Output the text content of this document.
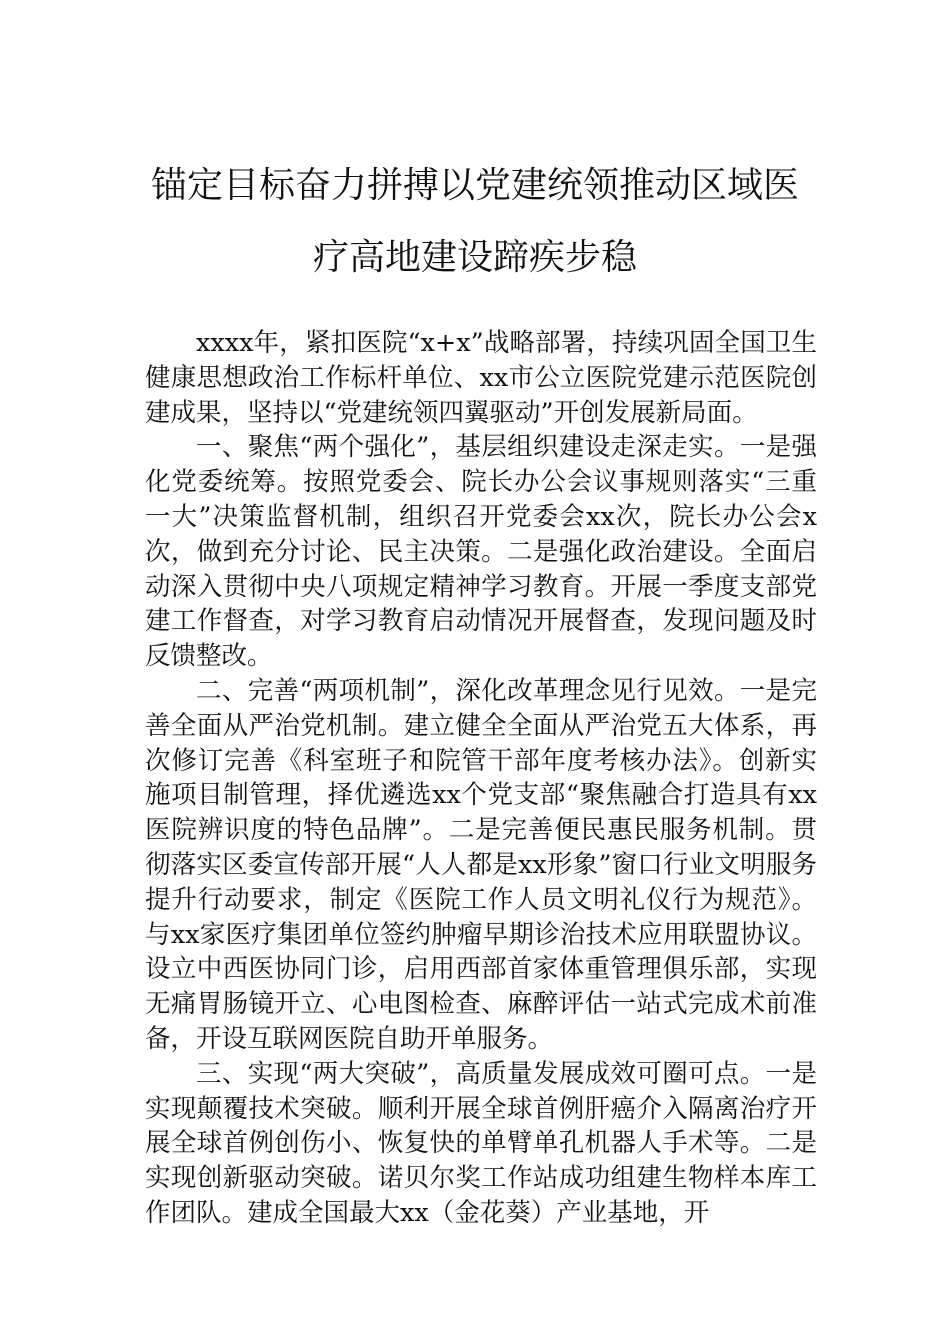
锚定目标奋力拼搏以党建统领推动区域医
疗高地建设蹄疾步稳

xxxx年，紧扣医院“x+x”战略部署，持续巩固全国卫生健康思想政治工作标杆单位、xx市公立医院党建示范医院创建成果，坚持以“党建统领四翼驱动”开创发展新局面。

一、聚焦“两个强化”，基层组织建设走深走实。一是强化党委统筹。按照党委会、院长办公会议事规则落实“三重一大”决策监督机制，组织召开党委会xx次，院长办公会x次，做到充分讨论、民主决策。二是强化政治建设。全面启动深入贯彻中央八项规定精神学习教育。开展一季度支部党建工作督查，对学习教育启动情况开展督查，发现问题及时反馈整改。

二、完善“两项机制”，深化改革理念见行见效。一是完善全面从严治党机制。建立健全全面从严治党五大体系，再次修订完善《科室班子和院管干部年度考核办法》。创新实施项目制管理，择优遴选xx个党支部“聚焦融合打造具有xx医院辨识度的特色品牌”。二是完善便民惠民服务机制。贯彻落实区委宣传部开展“人人都是xx形象”窗口行业文明服务提升行动要求，制定《医院工作人员文明礼仪行为规范》。与xx家医疗集团单位签约肿瘤早期诊治技术应用联盟协议。设立中西医协同门诊，启用西部首家体重管理俱乐部，实现无痛胃肠镜开立、心电图检查、麻醉评估一站式完成术前准备，开设互联网医院自助开单服务。

三、实现“两大突破”，高质量发展成效可圈可点。一是实现颠覆技术突破。顺利开展全球首例肝癌介入隔离治疗开展全球首例创伤小、恢复快的单臂单孔机器人手术等。二是实现创新驱动突破。诺贝尔奖工作站成功组建生物样本库工作团队。建成全国最大xx（金花葵）产业基地，开
